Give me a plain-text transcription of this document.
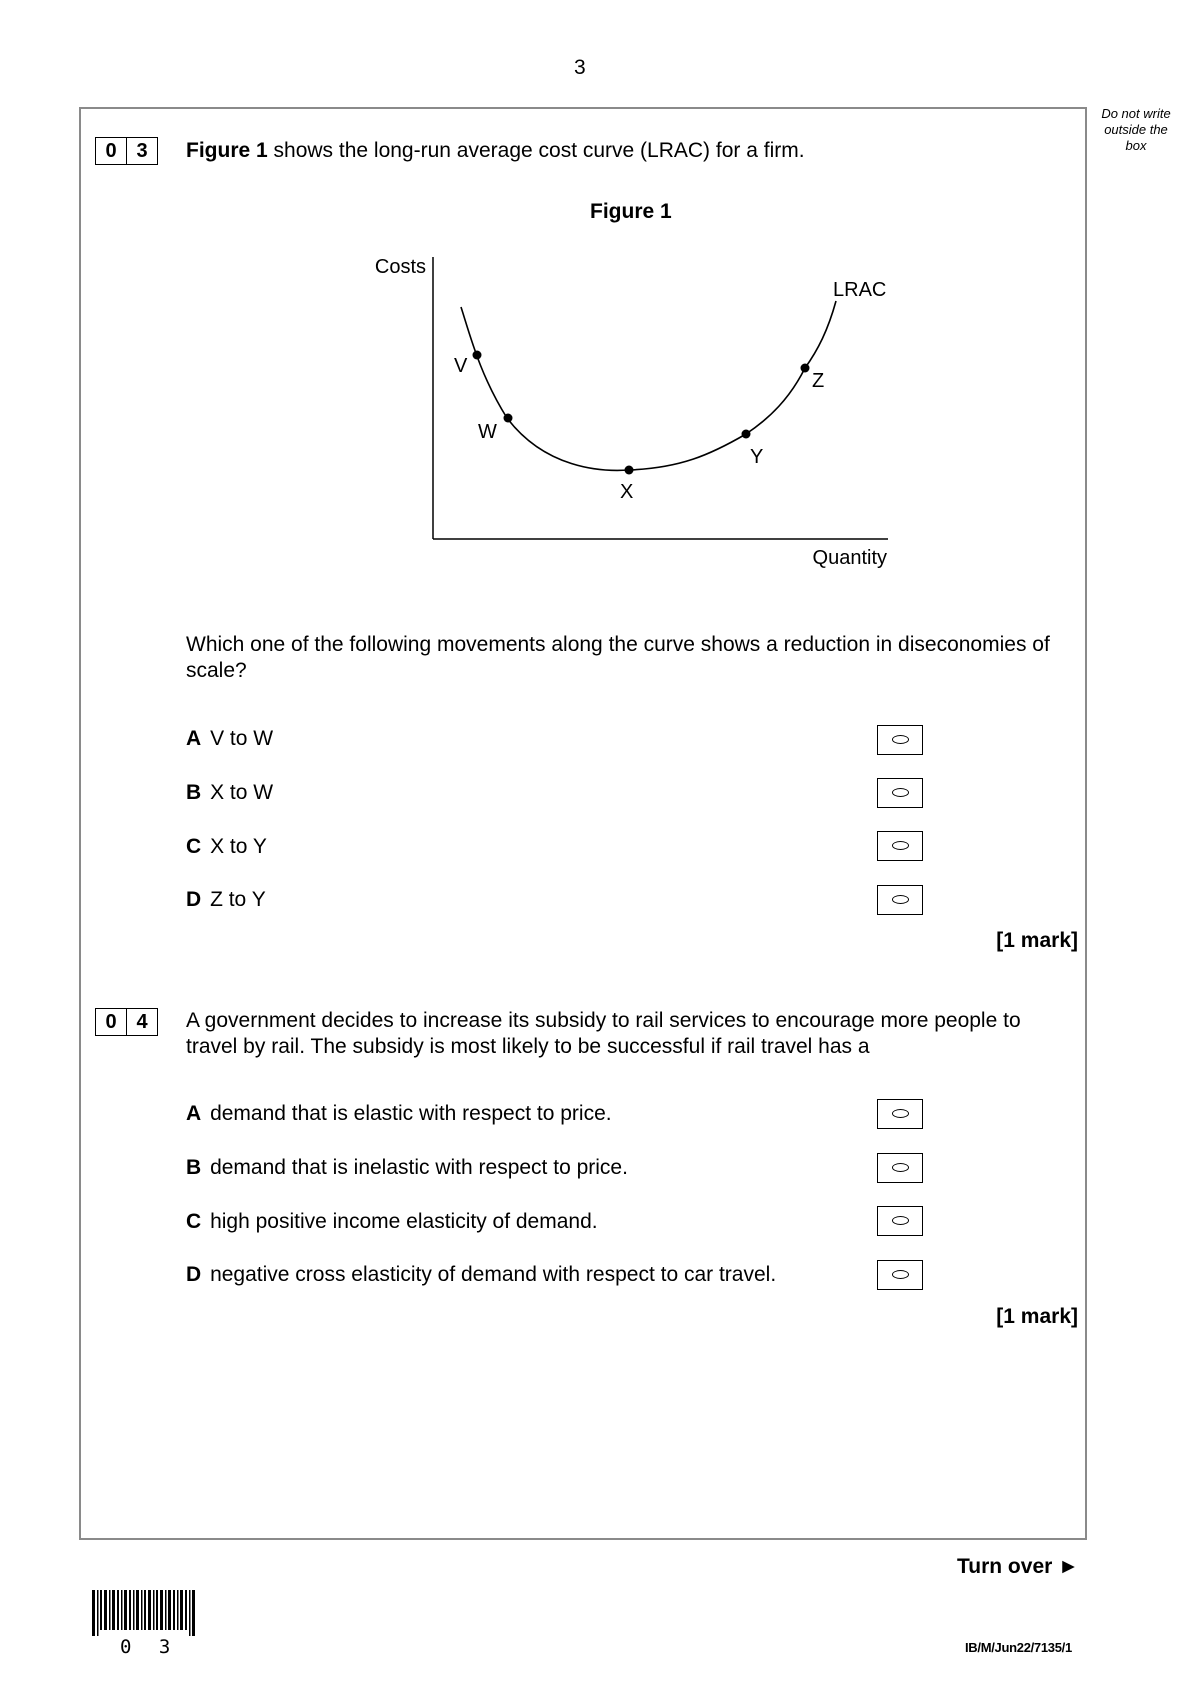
3
Do not write outside the box
0 3	Figure 1 shows the long-run average cost curve (LRAC) for a firm.
Figure 1
Costs
Quantity
LRAC
V
W
X
Y
Z
Which one of the following movements along the curve shows a reduction in diseconomies of scale?
A V to W
B X to W
C X to Y
D Z to Y
[1 mark]
0 4	A government decides to increase its subsidy to rail services to encourage more people to travel by rail. The subsidy is most likely to be successful if rail travel has a
A demand that is elastic with respect to price.
B demand that is inelastic with respect to price.
C high positive income elasticity of demand.
D negative cross elasticity of demand with respect to car travel.
[1 mark]
Turn over ►
0 3	IB/M/Jun22/7135/1
